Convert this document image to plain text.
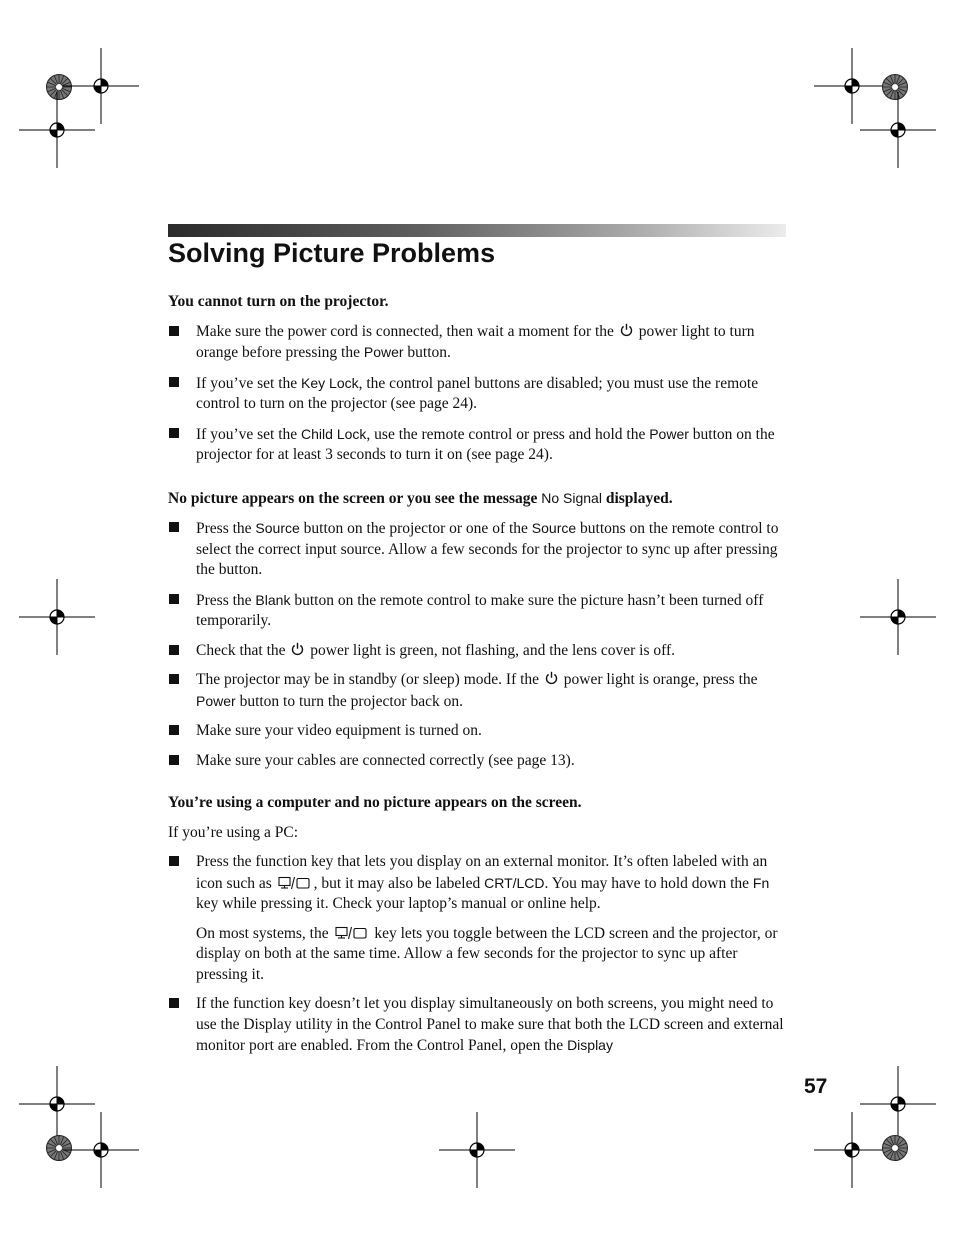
Solving Picture Problems

You cannot turn on the projector.

Make sure the power cord is connected, then wait a moment for the  power light to turn orange before pressing the Power button.
If you’ve set the Key Lock, the control panel buttons are disabled; you must use the remote control to turn on the projector (see page 24).
If you’ve set the Child Lock, use the remote control or press and hold the Power button on the projector for at least 3 seconds to turn it on (see page 24).

No picture appears on the screen or you see the message No Signal displayed.

Press the Source button on the projector or one of the Source buttons on the remote control to select the correct input source. Allow a few seconds for the projector to sync up after pressing the button.
Press the Blank button on the remote control to make sure the picture hasn’t been turned off temporarily.
Check that the  power light is green, not flashing, and the lens cover is off.
The projector may be in standby (or sleep) mode. If the  power light is orange, press the Power button to turn the projector back on.
Make sure your video equipment is turned on.
Make sure your cables are connected correctly (see page 13).

You’re using a computer and no picture appears on the screen.

If you’re using a PC:

Press the function key that lets you display on an external monitor. It’s often labeled with an icon such as , but it may also be labeled CRT/LCD. You may have to hold down the Fn key while pressing it. Check your laptop’s manual or online help.

On most systems, the  key lets you toggle between the LCD screen and the projector, or display on both at the same time. Allow a few seconds for the projector to sync up after pressing it.

If the function key doesn’t let you display simultaneously on both screens, you might need to use the Display utility in the Control Panel to make sure that both the LCD screen and external monitor port are enabled. From the Control Panel, open the Display
57
